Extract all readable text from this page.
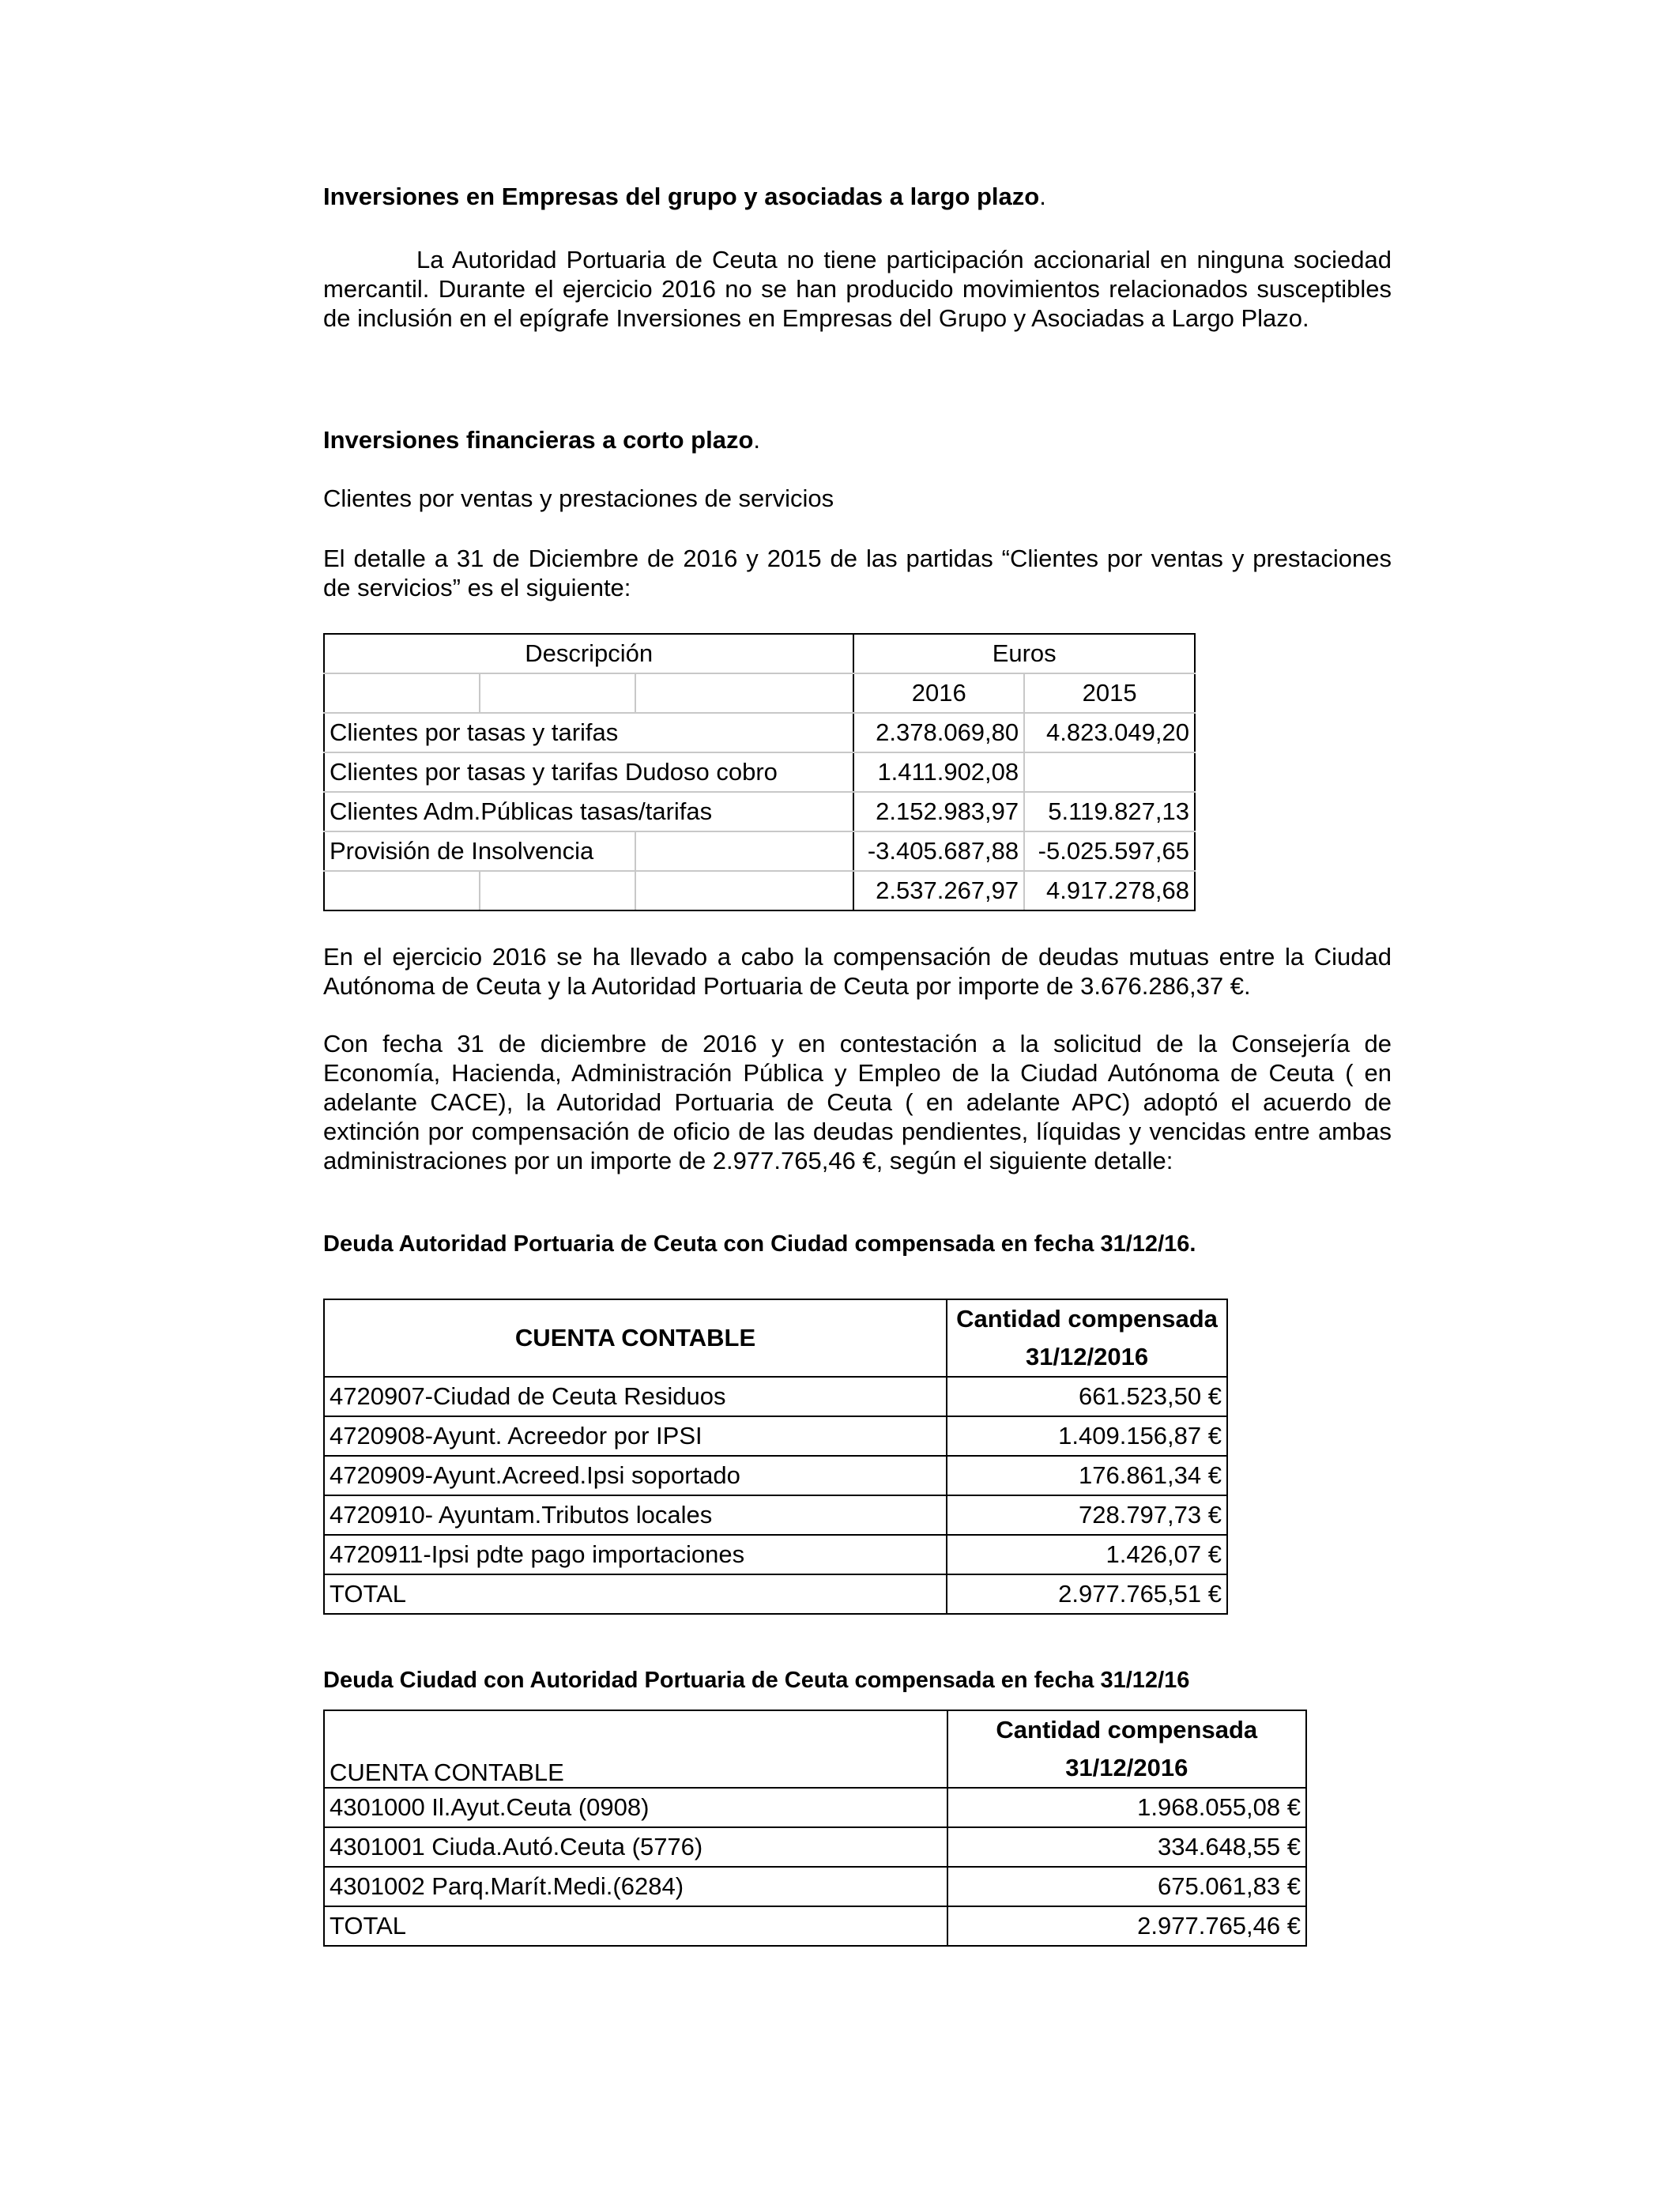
Inversiones en Empresas del grupo y asociadas a largo plazo.

La Autoridad Portuaria de Ceuta no tiene participación accionarial en ninguna sociedad mercantil. Durante el ejercicio 2016 no se han producido movimientos relacionados susceptibles de inclusión en el epígrafe Inversiones en Empresas del Grupo y Asociadas a Largo Plazo.

Inversiones financieras a corto plazo.

Clientes por ventas y prestaciones de servicios

El detalle a 31 de Diciembre de 2016 y 2015 de las partidas “Clientes por ventas y prestaciones de servicios” es el siguiente:

Descripción			Euros	
			2016	2015
Clientes por tasas y tarifas			2.378.069,80	4.823.049,20
Clientes por tasas y tarifas Dudoso cobro			1.411.902,08	
Clientes Adm.Públicas tasas/tarifas			2.152.983,97	5.119.827,13
Provisión de Insolvencia			-3.405.687,88	-5.025.597,65
			2.537.267,97	4.917.278,68

En el ejercicio 2016 se ha llevado a cabo la compensación de deudas mutuas entre la Ciudad Autónoma de Ceuta y la Autoridad Portuaria de Ceuta por importe de 3.676.286,37 €.

Con fecha 31 de diciembre de 2016 y en contestación a la solicitud de la Consejería de Economía, Hacienda, Administración Pública y Empleo de la Ciudad Autónoma de Ceuta ( en adelante CACE), la Autoridad Portuaria de Ceuta ( en adelante APC) adoptó el acuerdo de extinción por compensación de oficio de las deudas pendientes, líquidas y vencidas entre ambas administraciones por un importe de 2.977.765,46 €, según el siguiente detalle:

Deuda Autoridad Portuaria de Ceuta con Ciudad compensada en fecha 31/12/16.
CUENTA CONTABLE	Cantidad compensada
31/12/2016

4720907-Ciudad de Ceuta Residuos	661.523,50 €
4720908-Ayunt. Acreedor por IPSI	1.409.156,87 €
4720909-Ayunt.Acreed.Ipsi soportado	176.861,34 €
4720910- Ayuntam.Tributos locales	728.797,73 €
4720911-Ipsi pdte pago importaciones	1.426,07 €
TOTAL	2.977.765,51 €
Deuda Ciudad con Autoridad Portuaria de Ceuta compensada en fecha 31/12/16
CUENTA CONTABLE	Cantidad compensada
31/12/2016

4301000 Il.Ayut.Ceuta (0908)	1.968.055,08 €
4301001 Ciuda.Autó.Ceuta (5776)	334.648,55 €
4301002 Parq.Marít.Medi.(6284)	675.061,83 €
TOTAL	2.977.765,46 €
